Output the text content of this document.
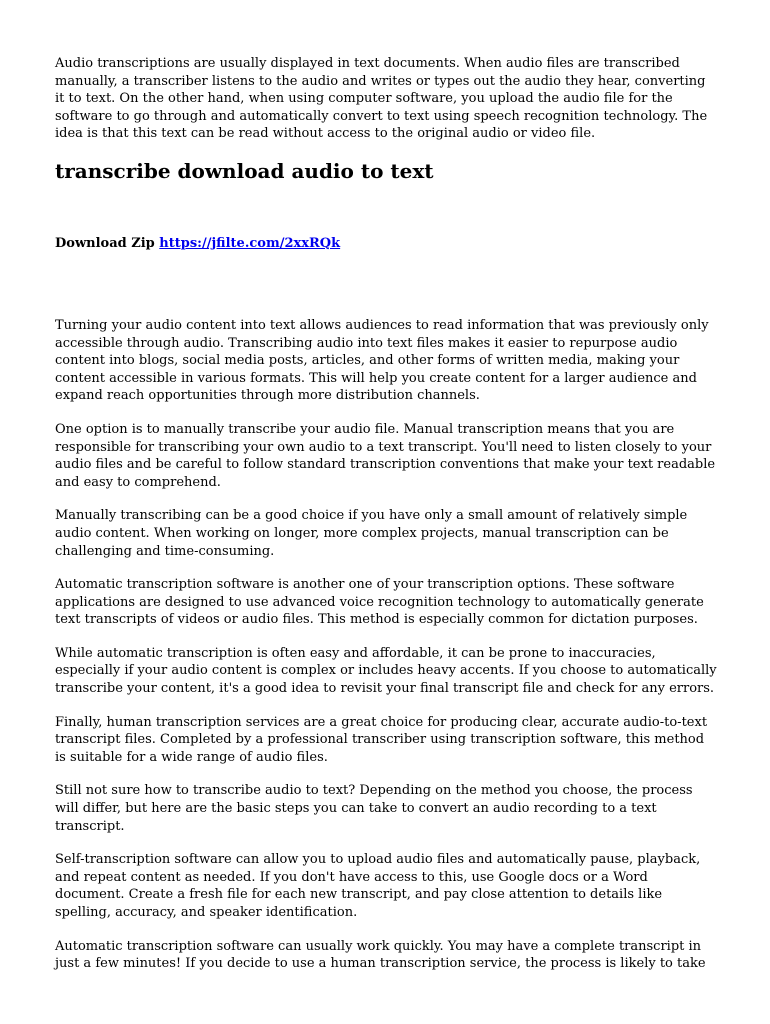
Audio transcriptions are usually displayed in text documents. When audio files are transcribed manually, a transcriber listens to the audio and writes or types out the audio they hear, converting it to text. On the other hand, when using computer software, you upload the audio file for the software to go through and automatically convert to text using speech recognition technology. The idea is that this text can be read without access to the original audio or video file.

transcribe download audio to text
Download Zip https://jfilte.com/2xxRQk

Turning your audio content into text allows audiences to read information that was previously only accessible through audio. Transcribing audio into text files makes it easier to repurpose audio content into blogs, social media posts, articles, and other forms of written media, making your content accessible in various formats. This will help you create content for a larger audience and expand reach opportunities through more distribution channels.

One option is to manually transcribe your audio file. Manual transcription means that you are responsible for transcribing your own audio to a text transcript. You'll need to listen closely to your audio files and be careful to follow standard transcription conventions that make your text readable and easy to comprehend.

Manually transcribing can be a good choice if you have only a small amount of relatively simple audio content. When working on longer, more complex projects, manual transcription can be challenging and time-consuming.

Automatic transcription software is another one of your transcription options. These software applications are designed to use advanced voice recognition technology to automatically generate text transcripts of videos or audio files. This method is especially common for dictation purposes.

While automatic transcription is often easy and affordable, it can be prone to inaccuracies, especially if your audio content is complex or includes heavy accents. If you choose to automatically transcribe your content, it's a good idea to revisit your final transcript file and check for any errors.

Finally, human transcription services are a great choice for producing clear, accurate audio-to-text transcript files. Completed by a professional transcriber using transcription software, this method is suitable for a wide range of audio files.

Still not sure how to transcribe audio to text? Depending on the method you choose, the process will differ, but here are the basic steps you can take to convert an audio recording to a text transcript.

Self-transcription software can allow you to upload audio files and automatically pause, playback, and repeat content as needed. If you don't have access to this, use Google docs or a Word document. Create a fresh file for each new transcript, and pay close attention to details like spelling, accuracy, and speaker identification.

Automatic transcription software can usually work quickly. You may have a complete transcript in just a few minutes! If you decide to use a human transcription service, the process is likely to take
